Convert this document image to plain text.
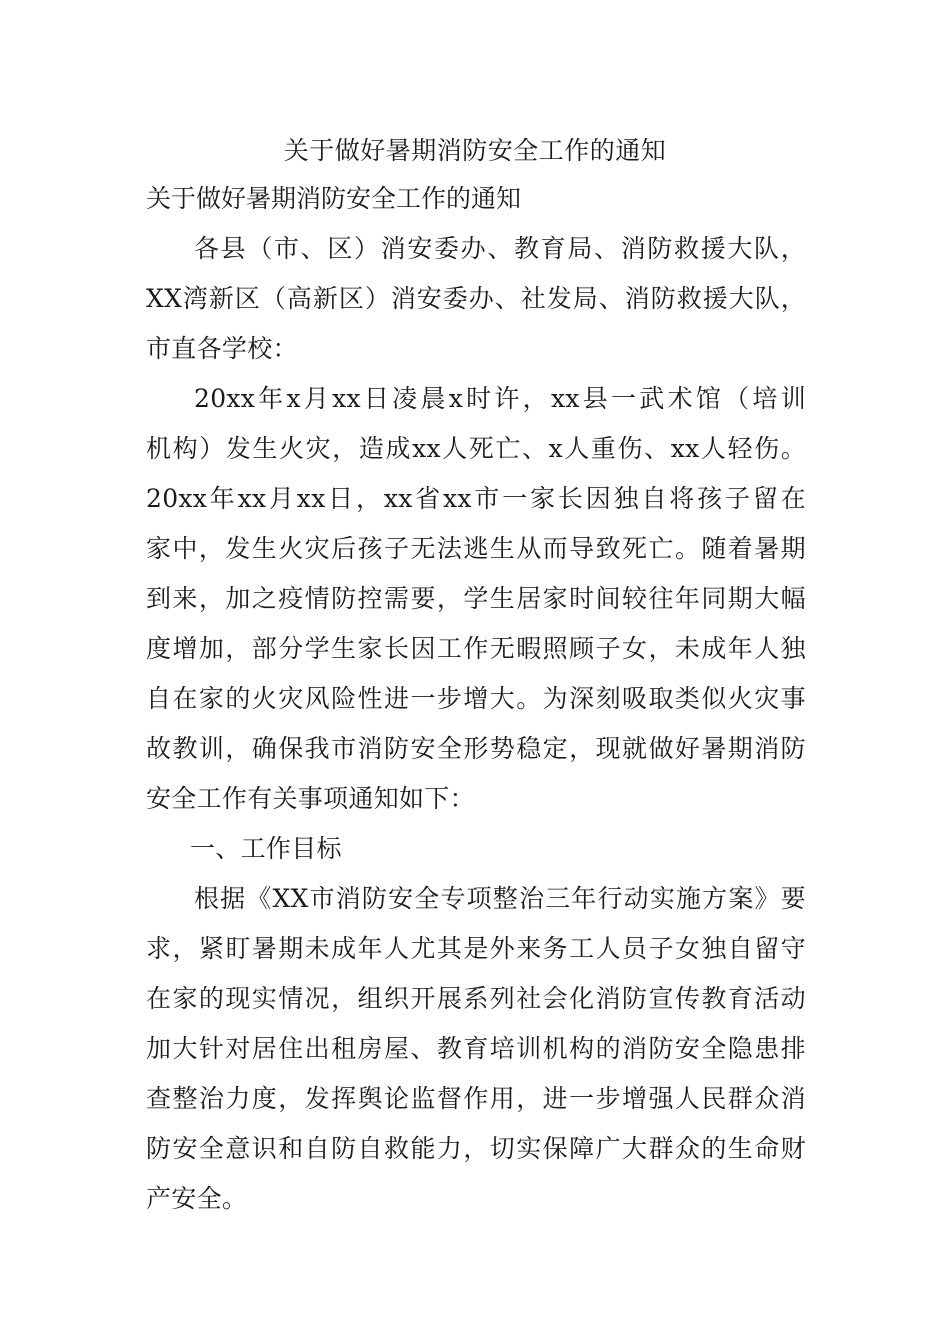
关于做好暑期消防安全工作的通知
关于做好暑期消防安全工作的通知
各县（市、区）消安委办、教育局、消防救援大队，
XX湾新区（高新区）消安委办、社发局、消防救援大队，
市直各学校：
20xx年x月xx日凌晨x时许，xx县一武术馆（培训
机构）发生火灾，造成xx人死亡、x人重伤、xx人轻伤。
20xx年xx月xx日，xx省xx市一家长因独自将孩子留在
家中，发生火灾后孩子无法逃生从而导致死亡。随着暑期
到来，加之疫情防控需要，学生居家时间较往年同期大幅
度增加，部分学生家长因工作无暇照顾子女，未成年人独
自在家的火灾风险性进一步增大。为深刻吸取类似火灾事
故教训，确保我市消防安全形势稳定，现就做好暑期消防
安全工作有关事项通知如下：
一、工作目标
根据《XX市消防安全专项整治三年行动实施方案》要
求，紧盯暑期未成年人尤其是外来务工人员子女独自留守
在家的现实情况，组织开展系列社会化消防宣传教育活动
加大针对居住出租房屋、教育培训机构的消防安全隐患排
查整治力度，发挥舆论监督作用，进一步增强人民群众消
防安全意识和自防自救能力，切实保障广大群众的生命财
产安全。
